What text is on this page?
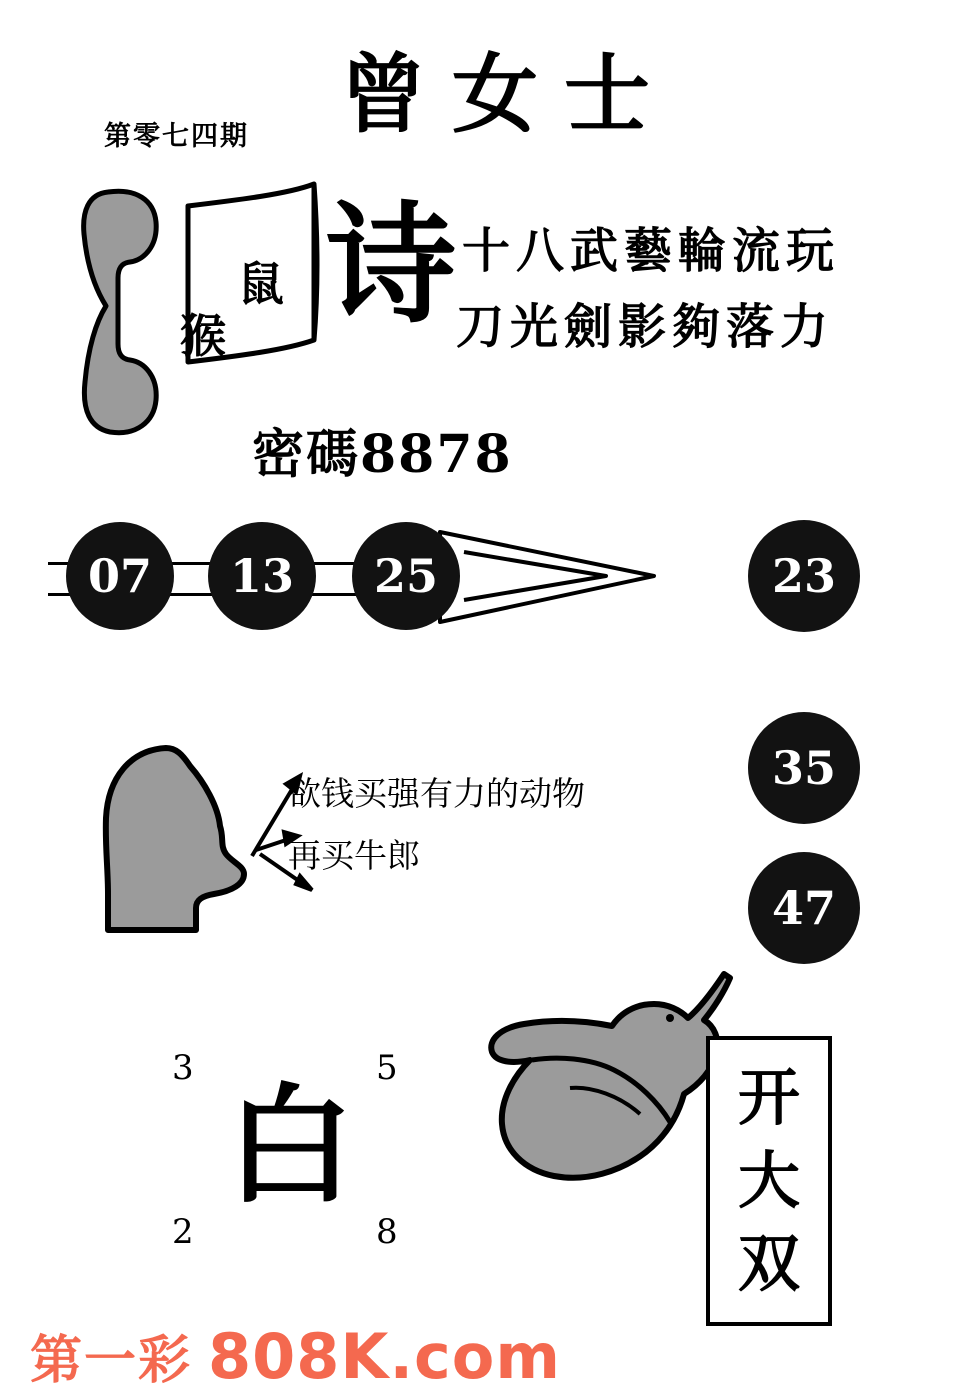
第零七四期 曾女士
鼠
猴 诗 十八武藝輪流玩
刀光劍影夠落力
密碼8878
07	13	25	23
35
47
欲钱买强有力的动物
再买牛郎
3	5
2	8
白	开
大
双
第一彩 808K.com
